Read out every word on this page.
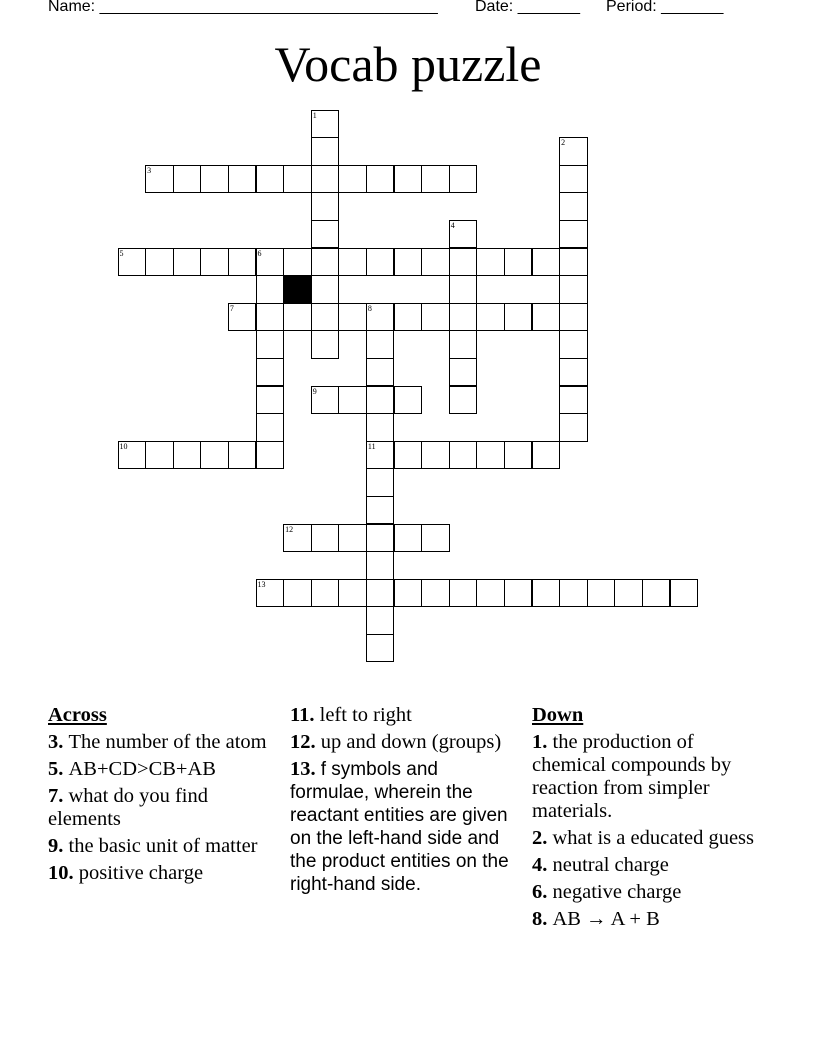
Name: ______________________________________ Date: _______ Period: _______
Vocab puzzle
1
2
3
4
5	6
7	8
11
9
10
12
13
Across
3. The number of the atom
5. AB+CD>CB+AB
7. what do you find elements
9. the basic unit of matter
10. positive charge
11. left to right
12. up and down (groups)
13. f symbols and formulae, wherein the reactant entities are given on the left-hand side and the product entities on the right-hand side.
Down
1. the production of chemical compounds by reaction from simpler materials.
2. what is a educated guess
4. neutral charge
6. negative charge
8. AB → A + B
